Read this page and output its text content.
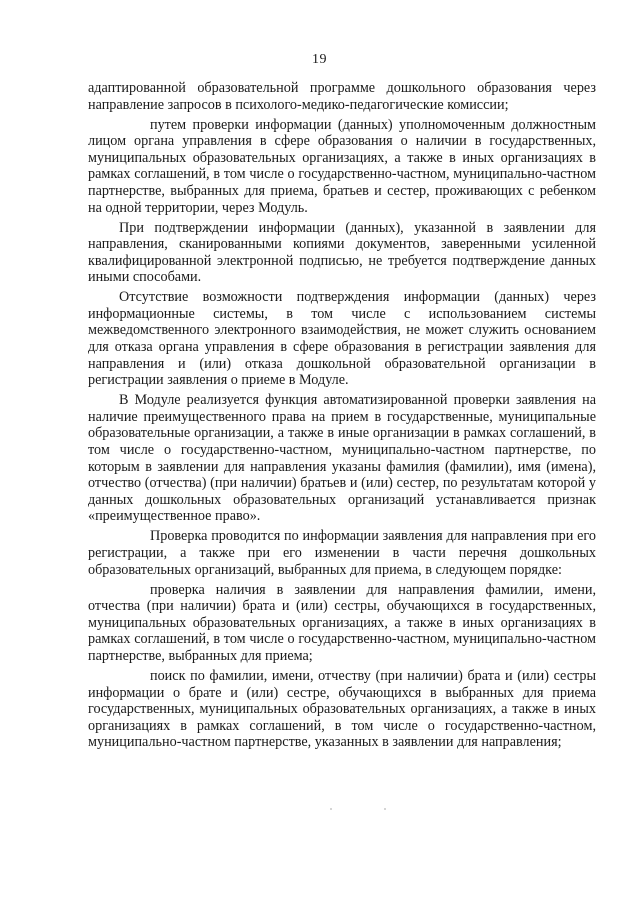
19

адаптированной образовательной программе дошкольного образования через направление запросов в психолого-медико-педагогические комиссии;

путем проверки информации (данных) уполномоченным должностным лицом органа управления в сфере образования о наличии в государственных, муниципальных образовательных организациях, а также в иных организациях в рамках соглашений, в том числе о государственно-частном, муниципально-частном партнерстве, выбранных для приема, братьев и сестер, проживающих с ребенком на одной территории, через Модуль.

При подтверждении информации (данных), указанной в заявлении для направления, сканированными копиями документов, заверенными усиленной квалифицированной электронной подписью, не требуется подтверждение данных иными способами.

Отсутствие возможности подтверждения информации (данных) через информационные системы, в том числе с использованием системы межведомственного электронного взаимодействия, не может служить основанием для отказа органа управления в сфере образования в регистрации заявления для направления и (или) отказа дошкольной образовательной организации в регистрации заявления о приеме в Модуле.

В Модуле реализуется функция автоматизированной проверки заявления на наличие преимущественного права на прием в государственные, муниципальные образовательные организации, а также в иные организации в рамках соглашений, в том числе о государственно-частном, муниципально-частном партнерстве, по которым в заявлении для направления указаны фамилия (фамилии), имя (имена), отчество (отчества) (при наличии) братьев и (или) сестер, по результатам которой у данных дошкольных образовательных организаций устанавливается признак «преимущественное право».

Проверка проводится по информации заявления для направления при его регистрации, а также при его изменении в части перечня дошкольных образовательных организаций, выбранных для приема, в следующем порядке:

проверка наличия в заявлении для направления фамилии, имени, отчества (при наличии) брата и (или) сестры, обучающихся в государственных, муниципальных образовательных организациях, а также в иных организациях в рамках соглашений, в том числе о государственно-частном, муниципально-частном партнерстве, выбранных для приема;

поиск по фамилии, имени, отчеству (при наличии) брата и (или) сестры информации о брате и (или) сестре, обучающихся в выбранных для приема государственных, муниципальных образовательных организациях, а также в иных организациях в рамках соглашений, в том числе о государственно-частном, муниципально-частном партнерстве, указанных в заявлении для направления;
